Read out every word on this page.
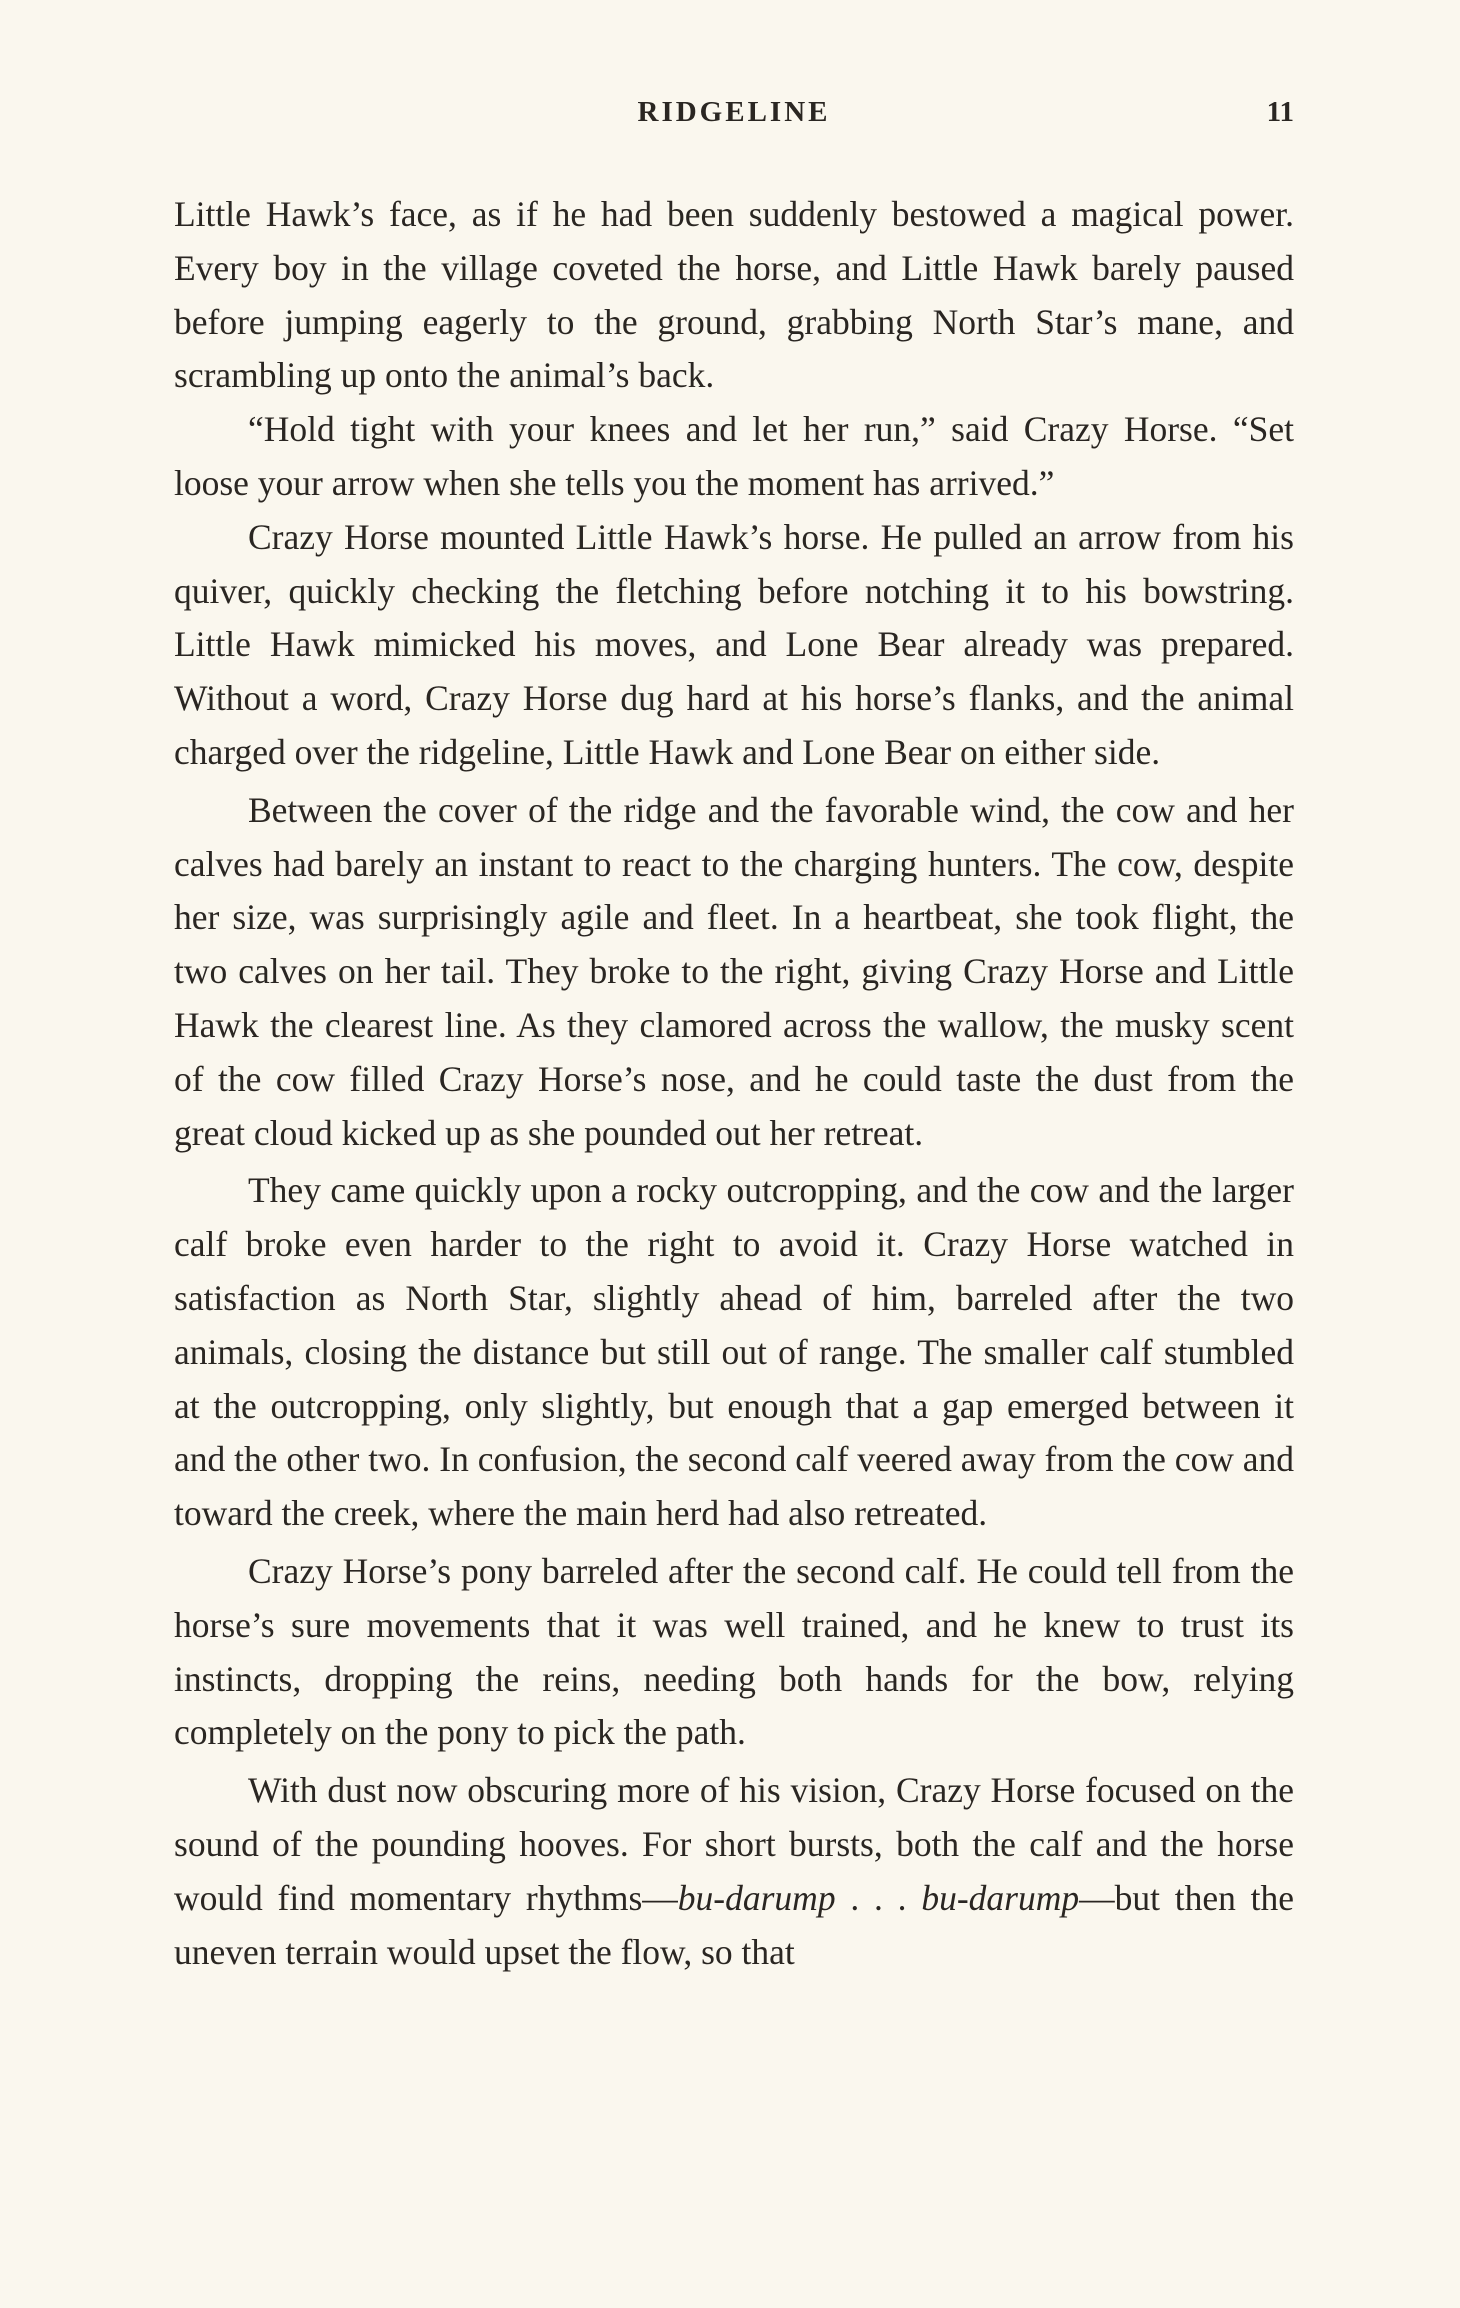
RIDGELINE	11

Little Hawk’s face, as if he had been suddenly bestowed a magical power. Every boy in the village coveted the horse, and Little Hawk barely paused before jumping eagerly to the ground, grabbing North Star’s mane, and scrambling up onto the animal’s back.

“Hold tight with your knees and let her run,” said Crazy Horse. “Set loose your arrow when she tells you the moment has arrived.”

Crazy Horse mounted Little Hawk’s horse. He pulled an arrow from his quiver, quickly checking the fletching before notching it to his bowstring. Little Hawk mimicked his moves, and Lone Bear already was prepared. Without a word, Crazy Horse dug hard at his horse’s flanks, and the animal charged over the ridgeline, Little Hawk and Lone Bear on either side.

Between the cover of the ridge and the favorable wind, the cow and her calves had barely an instant to react to the charging hunters. The cow, despite her size, was surprisingly agile and fleet. In a heartbeat, she took flight, the two calves on her tail. They broke to the right, giving Crazy Horse and Little Hawk the clearest line. As they clamored across the wallow, the musky scent of the cow filled Crazy Horse’s nose, and he could taste the dust from the great cloud kicked up as she pounded out her retreat.

They came quickly upon a rocky outcropping, and the cow and the larger calf broke even harder to the right to avoid it. Crazy Horse watched in satisfaction as North Star, slightly ahead of him, barreled after the two animals, closing the distance but still out of range. The smaller calf stumbled at the outcropping, only slightly, but enough that a gap emerged between it and the other two. In confusion, the second calf veered away from the cow and toward the creek, where the main herd had also retreated.

Crazy Horse’s pony barreled after the second calf. He could tell from the horse’s sure movements that it was well trained, and he knew to trust its instincts, dropping the reins, needing both hands for the bow, relying completely on the pony to pick the path.

With dust now obscuring more of his vision, Crazy Horse focused on the sound of the pounding hooves. For short bursts, both the calf and the horse would find momentary rhythms—bu-darump . . . bu-darump—but then the uneven terrain would upset the flow, so that
